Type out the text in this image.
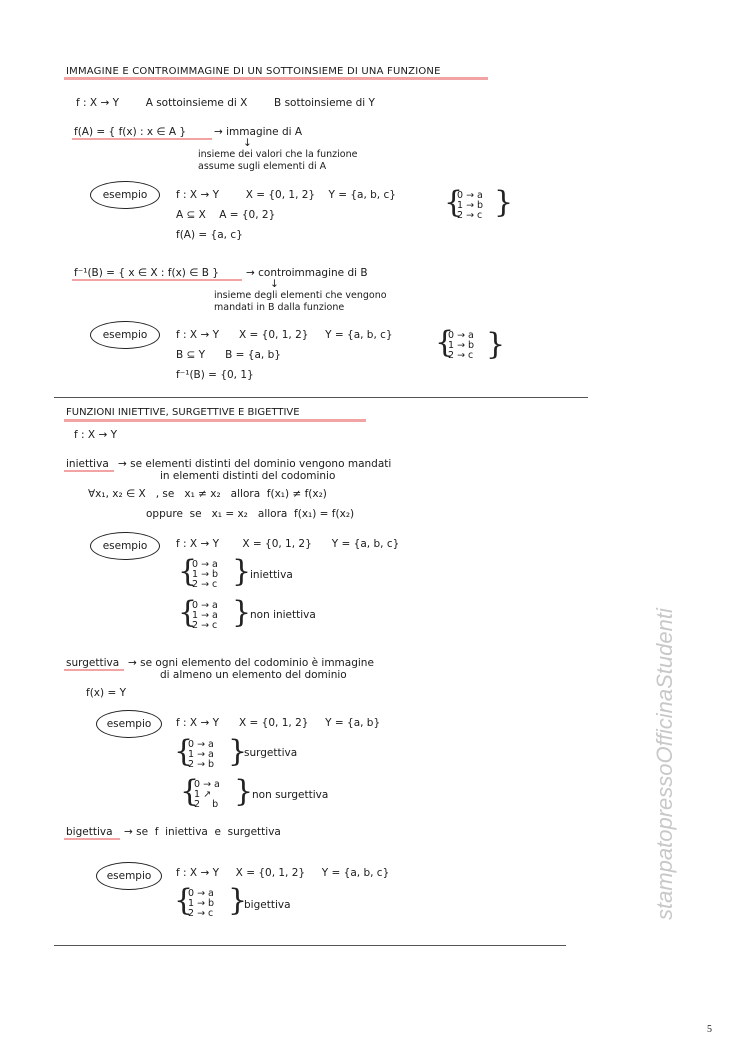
IMMAGINE E CONTROIMMAGINE DI UN SOTTOINSIEME DI UNA FUNZIONE
f : X → Y        A sottoinsieme di X        B sottoinsieme di Y
f(A) = { f(x) : x ∈ A }	→ immagine di A
↓
insieme dei valori che la funzione
assume sugli elementi di A
esempio	f : X → Y        X = {0, 1, 2}    Y = {a, b, c}
A ⊆ X    A = {0, 2}
f(A) = {a, c}
{
0 → a
1 → b
2 → c }
f⁻¹(B) = { x ∈ X : f(x) ∈ B }	→ controimmagine di B
↓
insieme degli elementi che vengono
mandati in B dalla funzione
esempio	f : X → Y      X = {0, 1, 2}     Y = {a, b, c}
B ⊆ Y      B = {a, b}
f⁻¹(B) = {0, 1}
{
0 → a
1 → b
2 → c }
FUNZIONI INIETTIVE, SURGETTIVE E BIGETTIVE
f : X → Y
iniettiva → se elementi distinti del dominio vengono mandati
in elementi distinti del codominio
∀x₁, x₂ ∈ X   , se   x₁ ≠ x₂   allora  f(x₁) ≠ f(x₂)
oppure  se   x₁ = x₂   allora  f(x₁) = f(x₂)
esempio	f : X → Y       X = {0, 1, 2}      Y = {a, b, c}
{
0 → a
1 → b
2 → c }
iniettiva
{
0 → a
1 → a
2 → c }
non iniettiva
surgettiva → se ogni elemento del codominio è immagine
di almeno un elemento del dominio
f(x) = Y
esempio	f : X → Y      X = {0, 1, 2}     Y = {a, b}
{
0 → a
1 → a
2 → b }
surgettiva
{
0 → a
1 ↗
2    b }
non surgettiva
bigettiva → se  f  iniettiva  e  surgettiva
esempio	f : X → Y     X = {0, 1, 2}     Y = {a, b, c}
{
0 → a
1 → b
2 → c }
bigettiva	stampatopressoOfficinaStudenti
5
